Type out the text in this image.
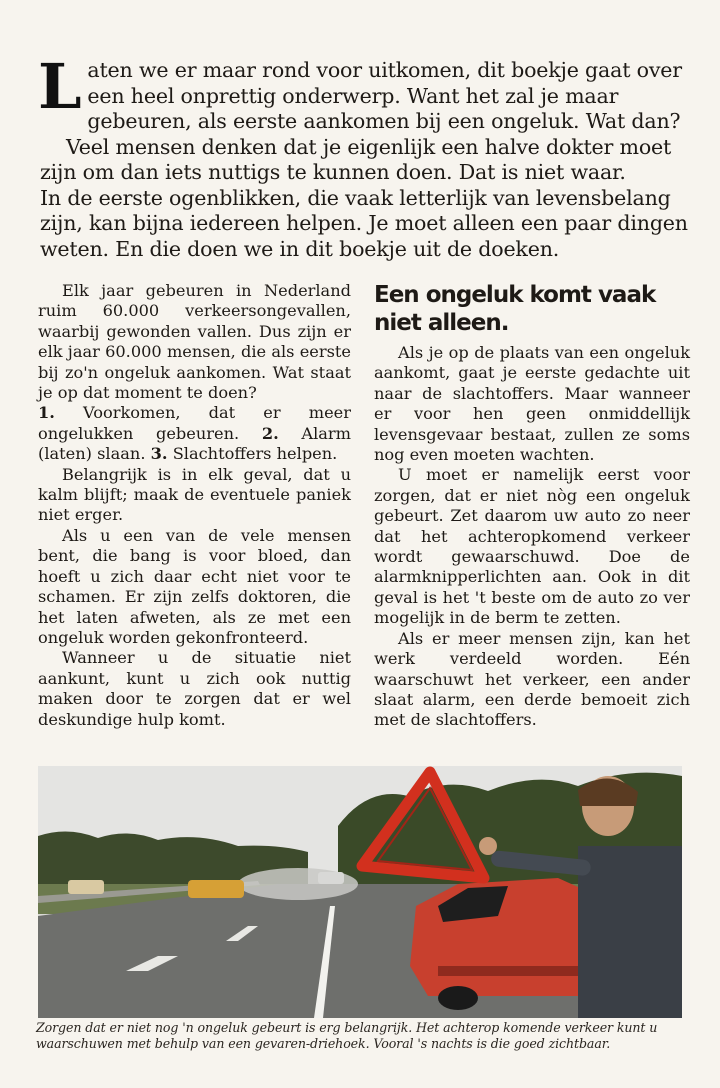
Laten we er maar rond voor uitkomen, dit boekje gaat over een heel onprettig onderwerp. Want het zal je maar gebeuren, als eerste aankomen bij een ongeluk. Wat dan?

Veel mensen denken dat je eigenlijk een halve dokter moet zijn om dan iets nuttigs te kunnen doen. Dat is niet waar.

In de eerste ogenblikken, die vaak letterlijk van levensbelang zijn, kan bijna iedereen helpen. Je moet alleen een paar dingen weten. En die doen we in dit boekje uit de doeken.

Elk jaar gebeuren in Nederland ruim 60.000 verkeersongevallen, waarbij gewonden vallen. Dus zijn er elk jaar 60.000 mensen, die als eerste bij zo'n ongeluk aankomen. Wat staat je op dat moment te doen?

1. Voorkomen, dat er meer ongelukken gebeuren. 2. Alarm (laten) slaan. 3. Slachtoffers helpen.

Belangrijk is in elk geval, dat u kalm blijft; maak de eventuele paniek niet erger.

Als u een van de vele mensen bent, die bang is voor bloed, dan hoeft u zich daar echt niet voor te schamen. Er zijn zelfs doktoren, die het laten afweten, als ze met een ongeluk worden gekonfronteerd.

Wanneer u de situatie niet aankunt, kunt u zich ook nuttig maken door te zorgen dat er wel deskundige hulp komt.

Een ongeluk komt vaak niet alleen.

Als je op de plaats van een ongeluk aankomt, gaat je eerste gedachte uit naar de slachtoffers. Maar wanneer er voor hen geen onmiddellijk levensgevaar bestaat, zullen ze soms nog even moeten wachten.

U moet er namelijk eerst voor zorgen, dat er niet nòg een ongeluk gebeurt. Zet daarom uw auto zo neer dat het achteropkomend verkeer wordt gewaarschuwd. Doe de alarmknipperlichten aan. Ook in dit geval is het 't beste om de auto zo ver mogelijk in de berm te zetten.

Als er meer mensen zijn, kan het werk verdeeld worden. Eén waarschuwt het verkeer, een ander slaat alarm, een derde bemoeit zich met de slachtoffers.

Zorgen dat er niet nog 'n ongeluk gebeurt is erg belangrijk. Het achterop komende verkeer kunt u waarschuwen met behulp van een gevaren-driehoek. Vooral 's nachts is die goed zichtbaar.
